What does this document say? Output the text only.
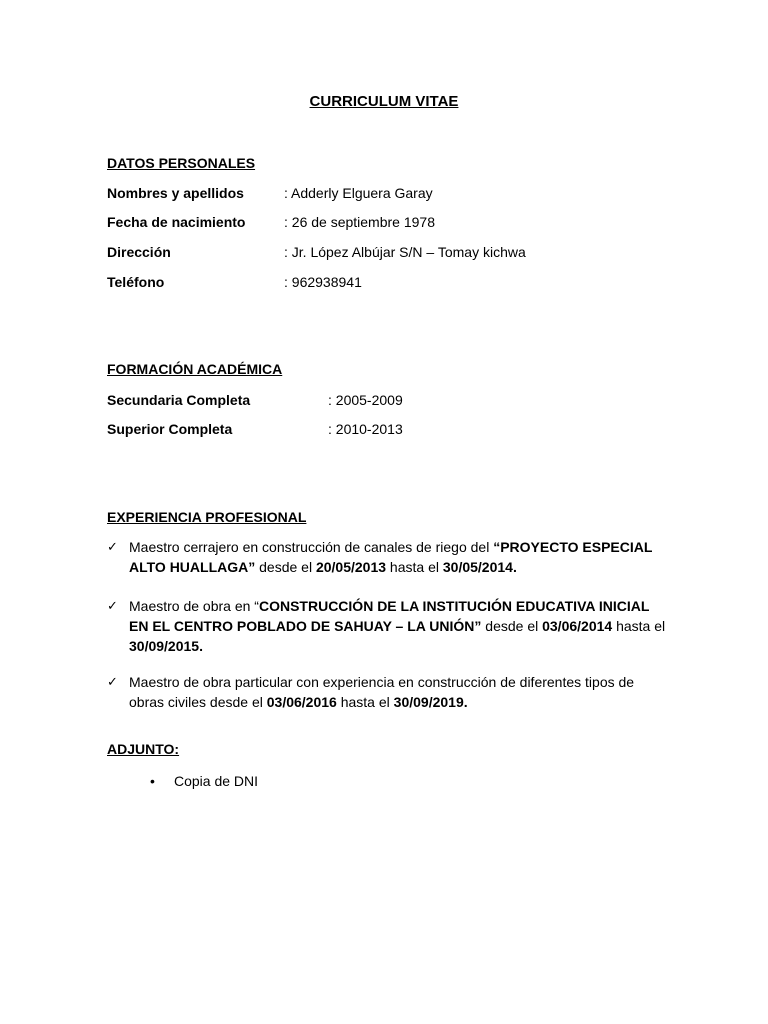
CURRICULUM VITAE
DATOS PERSONALES
Nombres y apellidos	: Adderly Elguera Garay
Fecha de nacimiento	: 26 de septiembre 1978
Dirección	: Jr. López Albújar S/N – Tomay kichwa
Teléfono	: 962938941
FORMACIÓN ACADÉMICA
Secundaria Completa	: 2005-2009
Superior Completa	: 2010-2013
EXPERIENCIA PROFESIONAL
✓ Maestro cerrajero en construcción de canales de riego del “PROYECTO ESPECIAL ALTO HUALLAGA” desde el 20/05/2013 hasta el 30/05/2014.
✓ Maestro de obra en “CONSTRUCCIÓN DE LA INSTITUCIÓN EDUCATIVA INICIAL EN EL CENTRO POBLADO DE SAHUAY – LA UNIÓN” desde el 03/06/2014 hasta el 30/09/2015.
✓ Maestro de obra particular con experiencia en construcción de diferentes tipos de obras civiles desde el 03/06/2016 hasta el 30/09/2019.
ADJUNTO:
• Copia de DNI
